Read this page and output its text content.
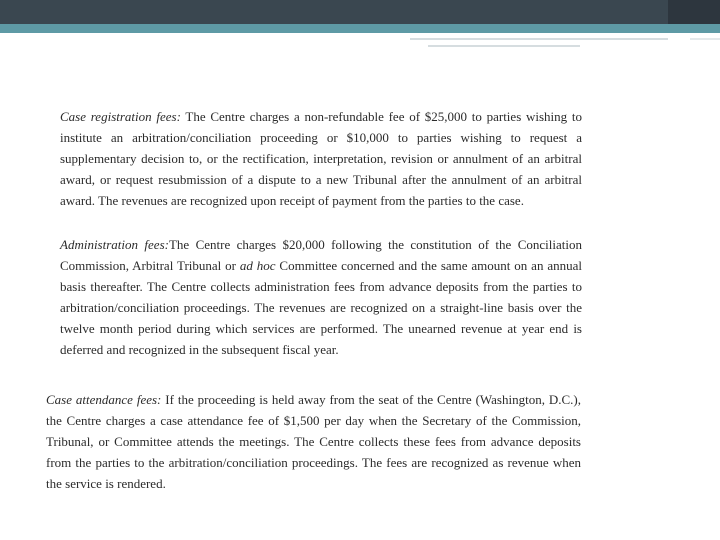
Case registration fees: The Centre charges a non-refundable fee of $25,000 to parties wishing to institute an arbitration/conciliation proceeding or $10,000 to parties wishing to request a supplementary decision to, or the rectification, interpretation, revision or annulment of an arbitral award, or request resubmission of a dispute to a new Tribunal after the annulment of an arbitral award. The revenues are recognized upon receipt of payment from the parties to the case.

Administration fees:The Centre charges $20,000 following the constitution of the Conciliation Commission, Arbitral Tribunal or ad hoc Committee concerned and the same amount on an annual basis thereafter. The Centre collects administration fees from advance deposits from the parties to arbitration/conciliation proceedings. The revenues are recognized on a straight-line basis over the twelve month period during which services are performed. The unearned revenue at year end is deferred and recognized in the subsequent fiscal year.

Case attendance fees: If the proceeding is held away from the seat of the Centre (Washington, D.C.), the Centre charges a case attendance fee of $1,500 per day when the Secretary of the Commission, Tribunal, or Committee attends the meetings. The Centre collects these fees from advance deposits from the parties to the arbitration/conciliation proceedings. The fees are recognized as revenue when the service is rendered.
